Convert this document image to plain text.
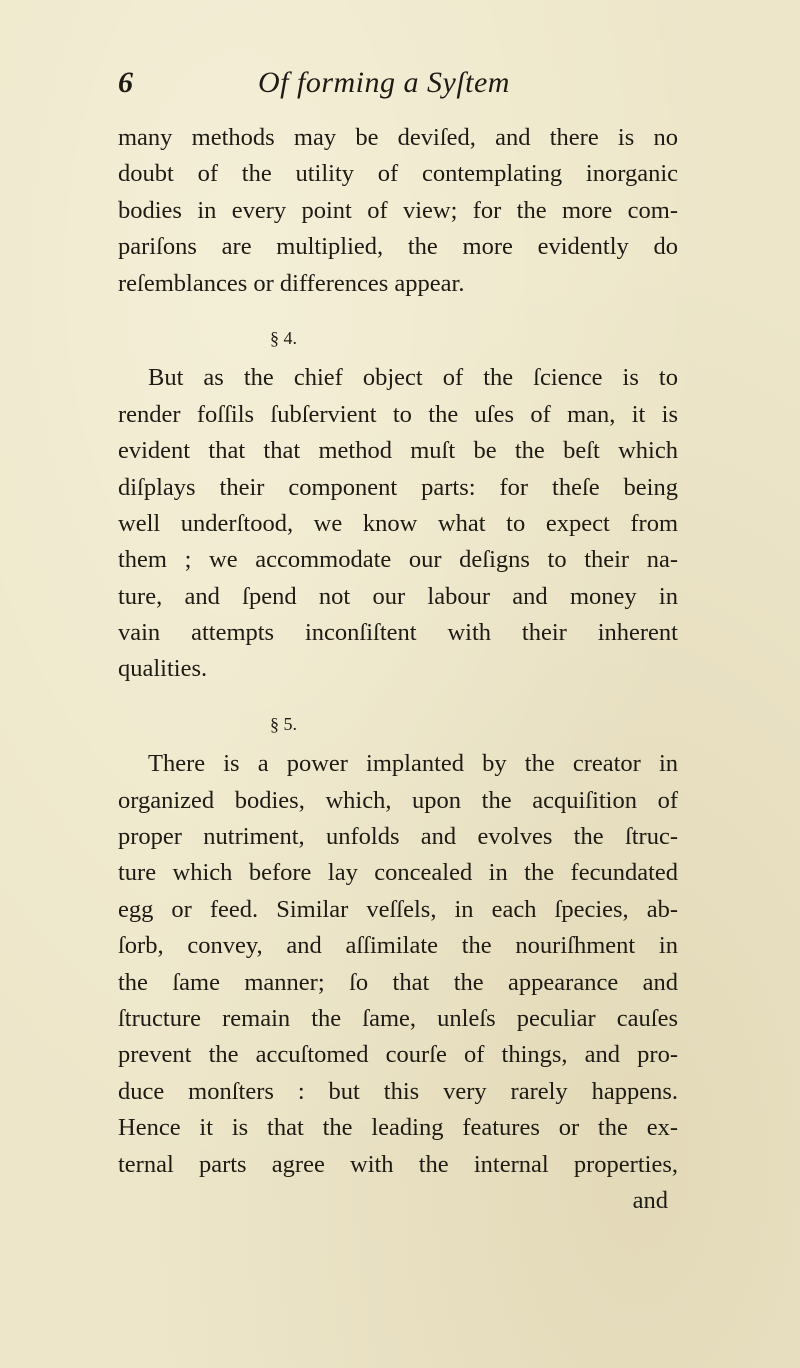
6	Of forming a Syſtem
many methods may be deviſed, and there is no
doubt of the utility of contemplating inorganic
bodies in every point of view; for the more com-
pariſons are multiplied, the more evidently do
reſemblances or differences appear.
§ 4.
But as the chief object of the ſcience is to
render foſſils ſubſervient to the uſes of man, it is
evident that that method muſt be the beſt which
diſplays their component parts: for theſe being
well underſtood, we know what to expect from
them ; we accommodate our deſigns to their na-
ture, and ſpend not our labour and money in
vain attempts inconſiſtent with their inherent
qualities.
§ 5.
There is a power implanted by the creator in
organized bodies, which, upon the acquiſition of
proper nutriment, unfolds and evolves the ſtruc-
ture which before lay concealed in the fecundated
egg or feed. Similar veſſels, in each ſpecies, ab-
ſorb, convey, and aſſimilate the nouriſhment in
the ſame manner; ſo that the appearance and
ſtructure remain the ſame, unleſs peculiar cauſes
prevent the accuſtomed courſe of things, and pro-
duce monſters : but this very rarely happens.
Hence it is that the leading features or the ex-
ternal parts agree with the internal properties,
and
